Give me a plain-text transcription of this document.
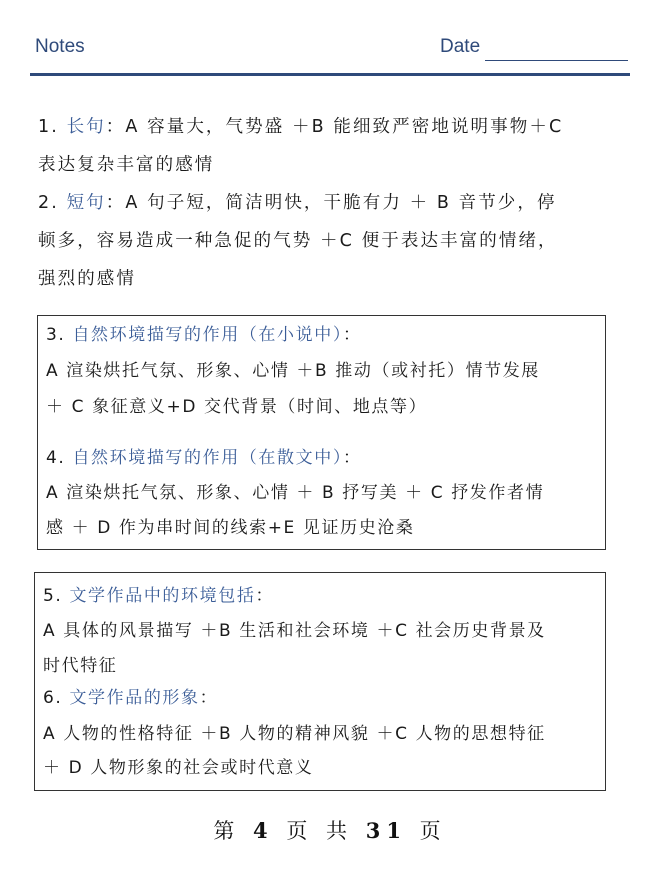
Notes	Date
1. 长句：A 容量大，气势盛 ＋B 能细致严密地说明事物＋C
表达复杂丰富的感情
2. 短句：A 句子短，简洁明快，干脆有力 ＋ B 音节少，停
顿多，容易造成一种急促的气势 ＋C 便于表达丰富的情绪，
强烈的感情
3. 自然环境描写的作用（在小说中）：
A 渲染烘托气氛、形象、心情 ＋B 推动（或衬托）情节发展
＋ C 象征意义+D 交代背景（时间、地点等）
4. 自然环境描写的作用（在散文中）：
A 渲染烘托气氛、形象、心情 ＋ B 抒写美 ＋ C 抒发作者情
感 ＋ D 作为串时间的线索+E 见证历史沧桑
5. 文学作品中的环境包括：
A 具体的风景描写 ＋B 生活和社会环境 ＋C 社会历史背景及
时代特征
6. 文学作品的形象：
A 人物的性格特征 ＋B 人物的精神风貌 ＋C 人物的思想特征
＋ D 人物形象的社会或时代意义
第 4 页 共 31 页
